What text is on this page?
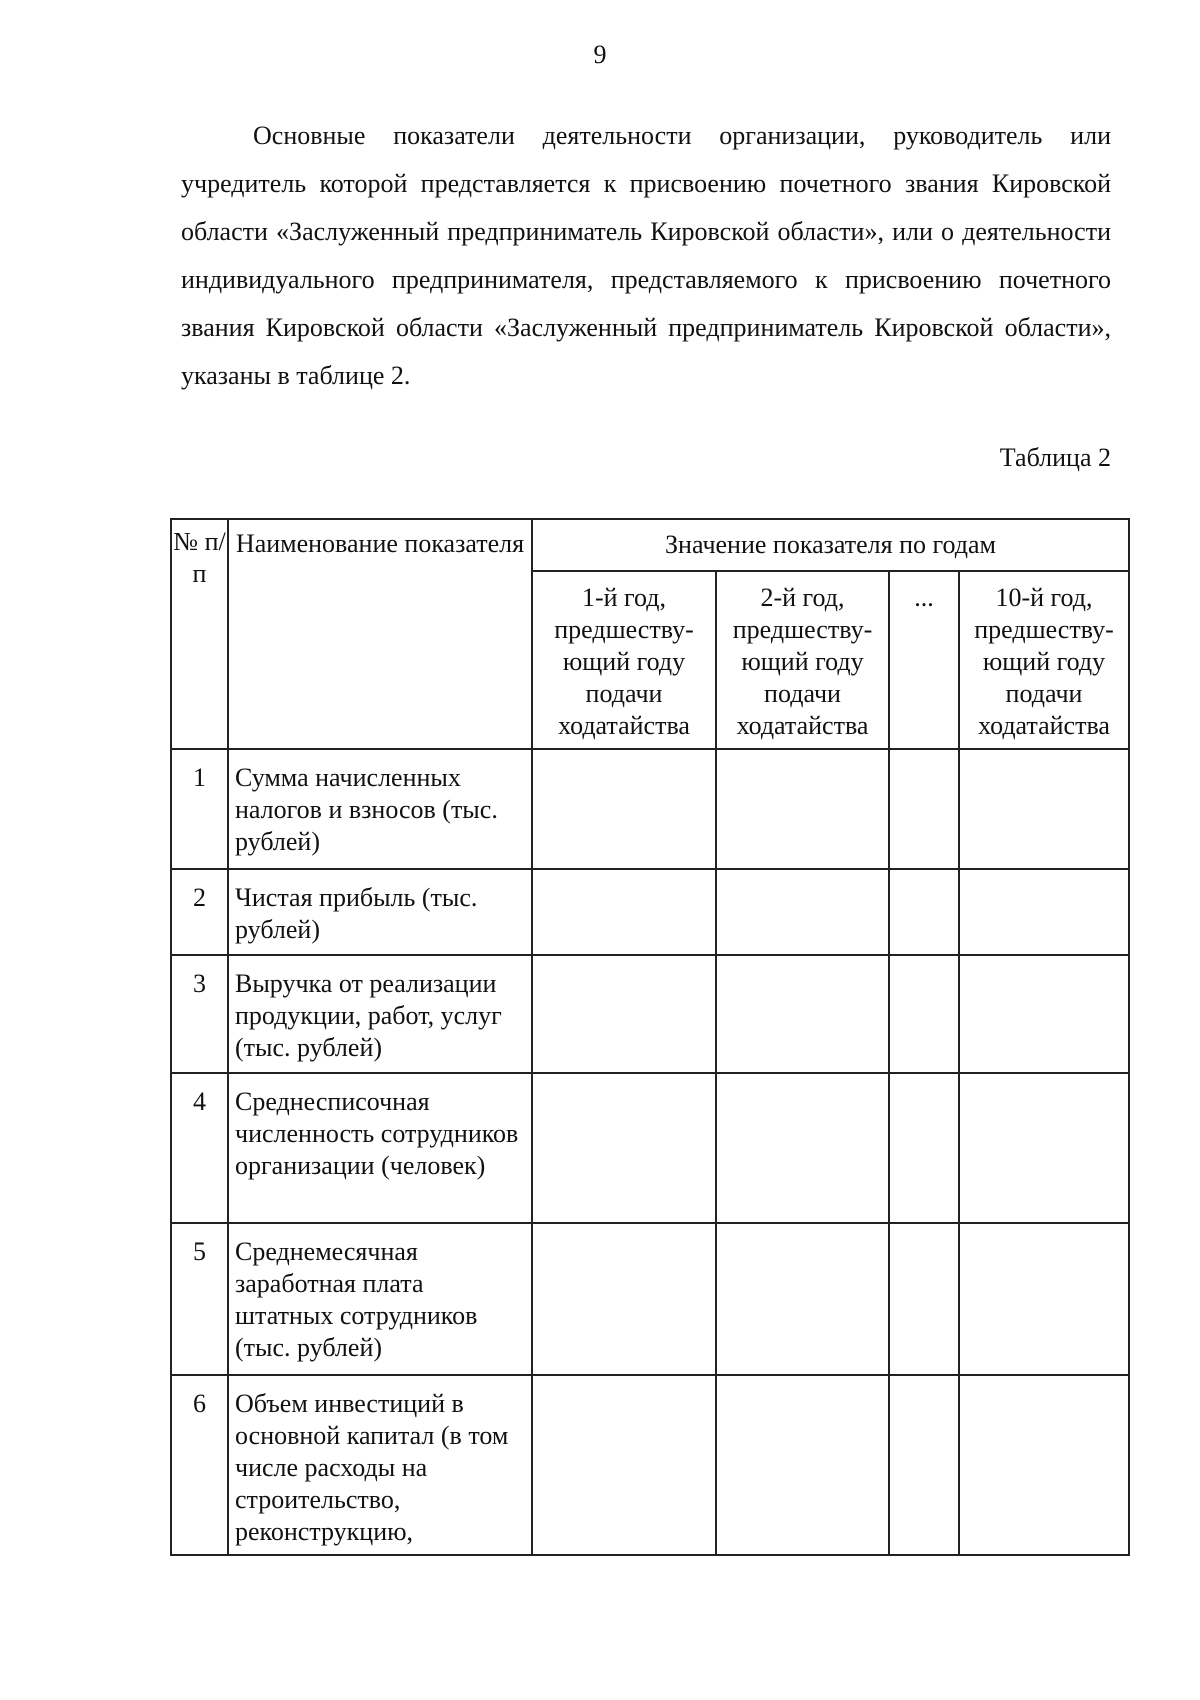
9

Основные показатели деятельности организации, руководитель или учредитель которой представляется к присвоению почетного звания Кировской области «Заслуженный предприниматель Кировской области», или о деятельности индивидуального предпринимателя, представляемого к присвоению почетного звания Кировской области «Заслуженный предприниматель Кировской области», указаны в таблице 2.

Таблица 2
№ п/п	Наименование показателя	Значение показателя по годам			
		1-й год, предшеству-ющий году подачи ходатайства	2-й год, предшеству-ющий году подачи ходатайства	...	10-й год, предшеству-ющий году подачи ходатайства
1	Сумма начисленных налогов и взносов (тыс. рублей)				
2	Чистая прибыль (тыс. рублей)				
3	Выручка от реализации продукции, работ, услуг (тыс. рублей)				
4	Среднесписочная численность сотрудников организации (человек)				
5	Среднемесячная заработная плата штатных сотрудников (тыс. рублей)				
6	Объем инвестиций в основной капитал (в том числе расходы на строительство, реконструкцию,				
